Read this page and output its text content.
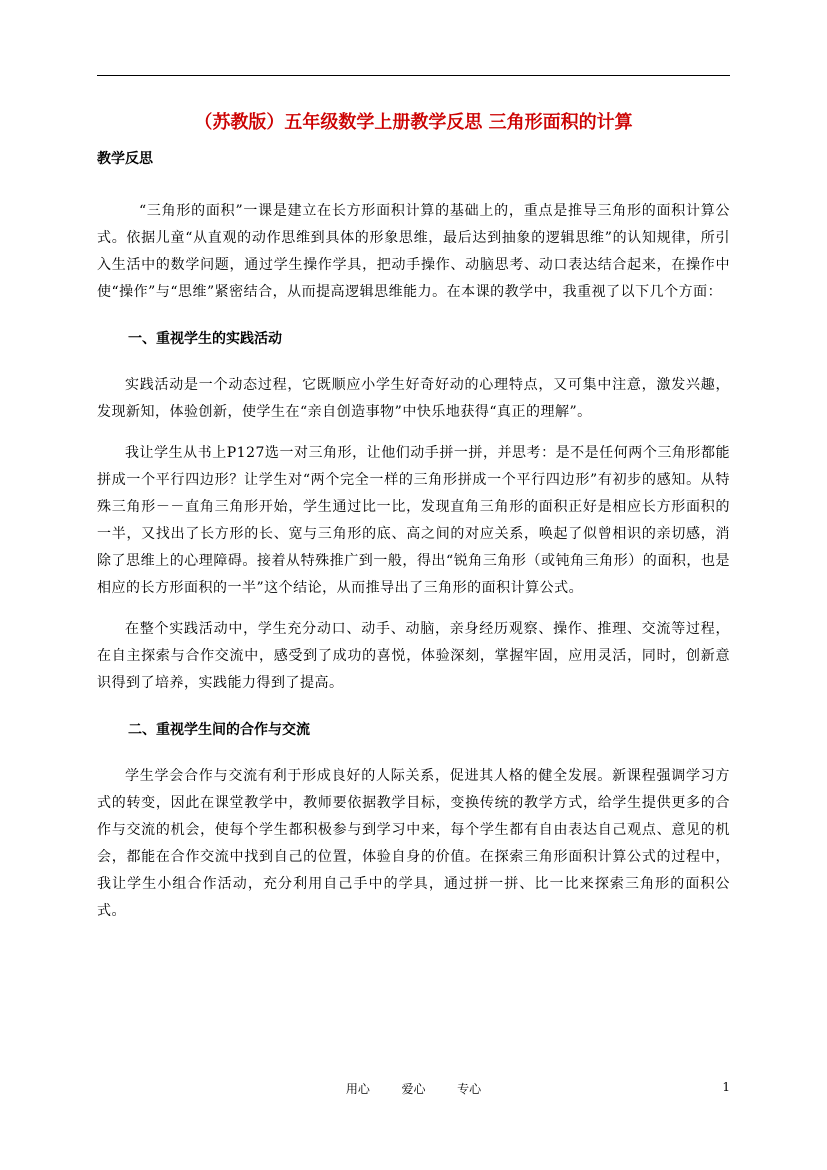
（苏教版）五年级数学上册教学反思 三角形面积的计算

教学反思

“三角形的面积”一课是建立在长方形面积计算的基础上的，重点是推导三角形的面积计算公式。依据儿童“从直观的动作思维到具体的形象思维，最后达到抽象的逻辑思维”的认知规律，所引入生活中的数学问题，通过学生操作学具，把动手操作、动脑思考、动口表达结合起来，在操作中使“操作”与“思维”紧密结合，从而提高逻辑思维能力。在本课的教学中，我重视了以下几个方面：

一、重视学生的实践活动

实践活动是一个动态过程，它既顺应小学生好奇好动的心理特点，又可集中注意，激发兴趣，发现新知，体验创新，使学生在“亲自创造事物”中快乐地获得“真正的理解”。

我让学生从书上P127选一对三角形，让他们动手拼一拼，并思考：是不是任何两个三角形都能拼成一个平行四边形？让学生对“两个完全一样的三角形拼成一个平行四边形”有初步的感知。从特殊三角形－－直角三角形开始，学生通过比一比，发现直角三角形的面积正好是相应长方形面积的一半，又找出了长方形的长、宽与三角形的底、高之间的对应关系，唤起了似曾相识的亲切感，消除了思维上的心理障碍。接着从特殊推广到一般，得出“锐角三角形（或钝角三角形）的面积，也是相应的长方形面积的一半”这个结论，从而推导出了三角形的面积计算公式。

在整个实践活动中，学生充分动口、动手、动脑，亲身经历观察、操作、推理、交流等过程，在自主探索与合作交流中，感受到了成功的喜悦，体验深刻，掌握牢固，应用灵活，同时，创新意识得到了培养，实践能力得到了提高。

二、重视学生间的合作与交流

学生学会合作与交流有利于形成良好的人际关系，促进其人格的健全发展。新课程强调学习方式的转变，因此在课堂教学中，教师要依据教学目标，变换传统的教学方式，给学生提供更多的合作与交流的机会，使每个学生都积极参与到学习中来，每个学生都有自由表达自己观点、意见的机会，都能在合作交流中找到自己的位置，体验自身的价值。在探索三角形面积计算公式的过程中，我让学生小组合作活动，充分利用自己手中的学具，通过拼一拼、比一比来探索三角形的面积公式。

用心  爱心  专心	1
